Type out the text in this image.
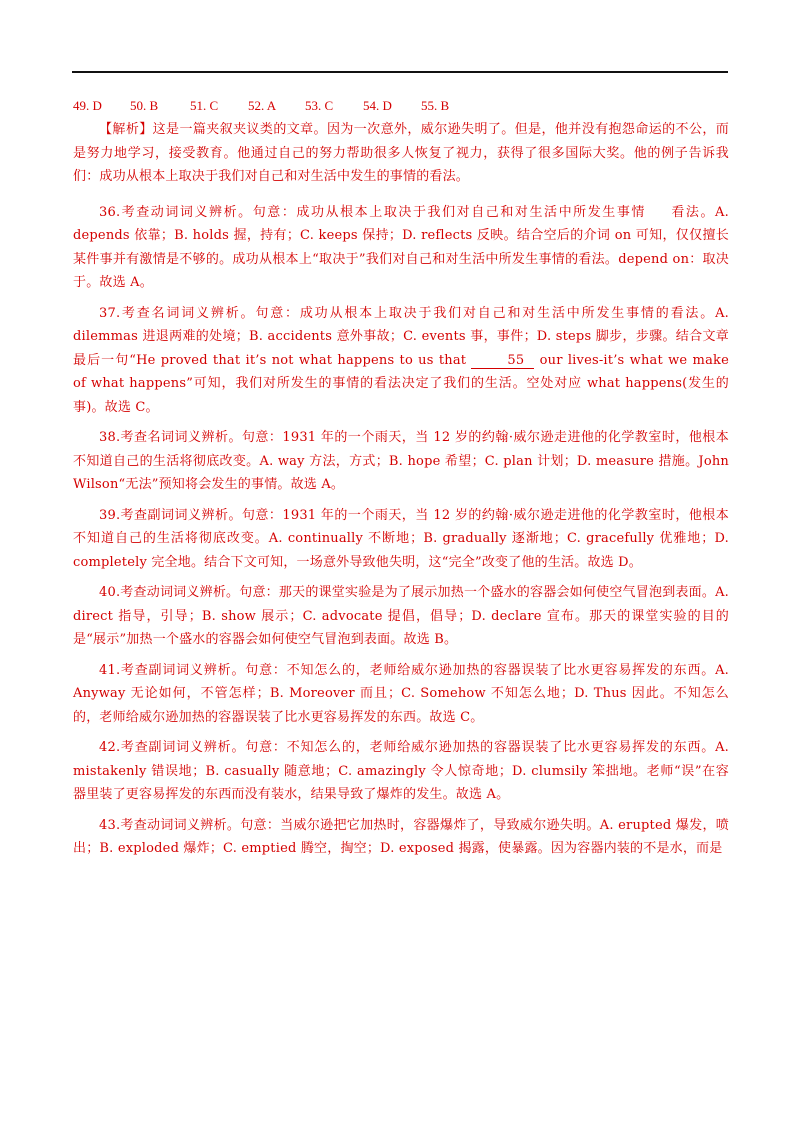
49. D 50. B 51. C 52. A 53. C 54. D 55. B

【解析】这是一篇夹叙夹议类的文章。因为一次意外，威尔逊失明了。但是，他并没有抱怨命运的不公，而是努力地学习，接受教育。他通过自己的努力帮助很多人恢复了视力，获得了很多国际大奖。他的例子告诉我们：成功从根本上取决于我们对自己和对生活中发生的事情的看法。

36.考查动词词义辨析。句意：成功从根本上取决于我们对自己和对生活中所发生事情 看法。A. depends 依靠；B. holds 握，持有；C. keeps 保持；D. reflects 反映。结合空后的介词 on 可知，仅仅擅长某件事并有激情是不够的。成功从根本上“取决于”我们对自己和对生活中所发生事情的看法。depend on：取决于。故选 A。

37.考查名词词义辨析。句意：成功从根本上取决于我们对自己和对生活中所发生事情的看法。A. dilemmas 进退两难的处境；B. accidents 意外事故；C. events 事，事件；D. steps 脚步，步骤。结合文章最后一句“He proved that it’s not what happens to us that	55 our lives-it’s what we make of what happens”可知，我们对所发生的事情的看法决定了我们的生活。空处对应 what happens(发生的事)。故选 C。

38.考查名词词义辨析。句意：1931 年的一个雨天，当 12 岁的约翰·威尔逊走进他的化学教室时，他根本不知道自己的生活将彻底改变。A. way 方法，方式；B. hope 希望；C. plan 计划；D. measure 措施。John Wilson“无法”预知将会发生的事情。故选 A。

39.考查副词词义辨析。句意：1931 年的一个雨天，当 12 岁的约翰·威尔逊走进他的化学教室时，他根本不知道自己的生活将彻底改变。A. continually 不断地；B. gradually 逐渐地；C. gracefully 优雅地；D. completely 完全地。结合下文可知，一场意外导致他失明，这“完全”改变了他的生活。故选 D。

40.考查动词词义辨析。句意：那天的课堂实验是为了展示加热一个盛水的容器会如何使空气冒泡到表面。A. direct 指导，引导；B. show 展示；C. advocate 提倡，倡导；D. declare 宣布。那天的课堂实验的目的是“展示”加热一个盛水的容器会如何使空气冒泡到表面。故选 B。

41.考查副词词义辨析。句意：不知怎么的，老师给威尔逊加热的容器误装了比水更容易挥发的东西。A. Anyway 无论如何，不管怎样；B. Moreover 而且；C. Somehow 不知怎么地；D. Thus 因此。不知怎么的，老师给威尔逊加热的容器误装了比水更容易挥发的东西。故选 C。

42.考查副词词义辨析。句意：不知怎么的，老师给威尔逊加热的容器误装了比水更容易挥发的东西。A. mistakenly 错误地；B. casually 随意地；C. amazingly 令人惊奇地；D. clumsily 笨拙地。老师“误”在容器里装了更容易挥发的东西而没有装水，结果导致了爆炸的发生。故选 A。

43.考查动词词义辨析。句意：当威尔逊把它加热时，容器爆炸了，导致威尔逊失明。A. erupted 爆发，喷出；B. exploded 爆炸；C. emptied 腾空，掏空；D. exposed 揭露，使暴露。因为容器内装的不是水，而是
